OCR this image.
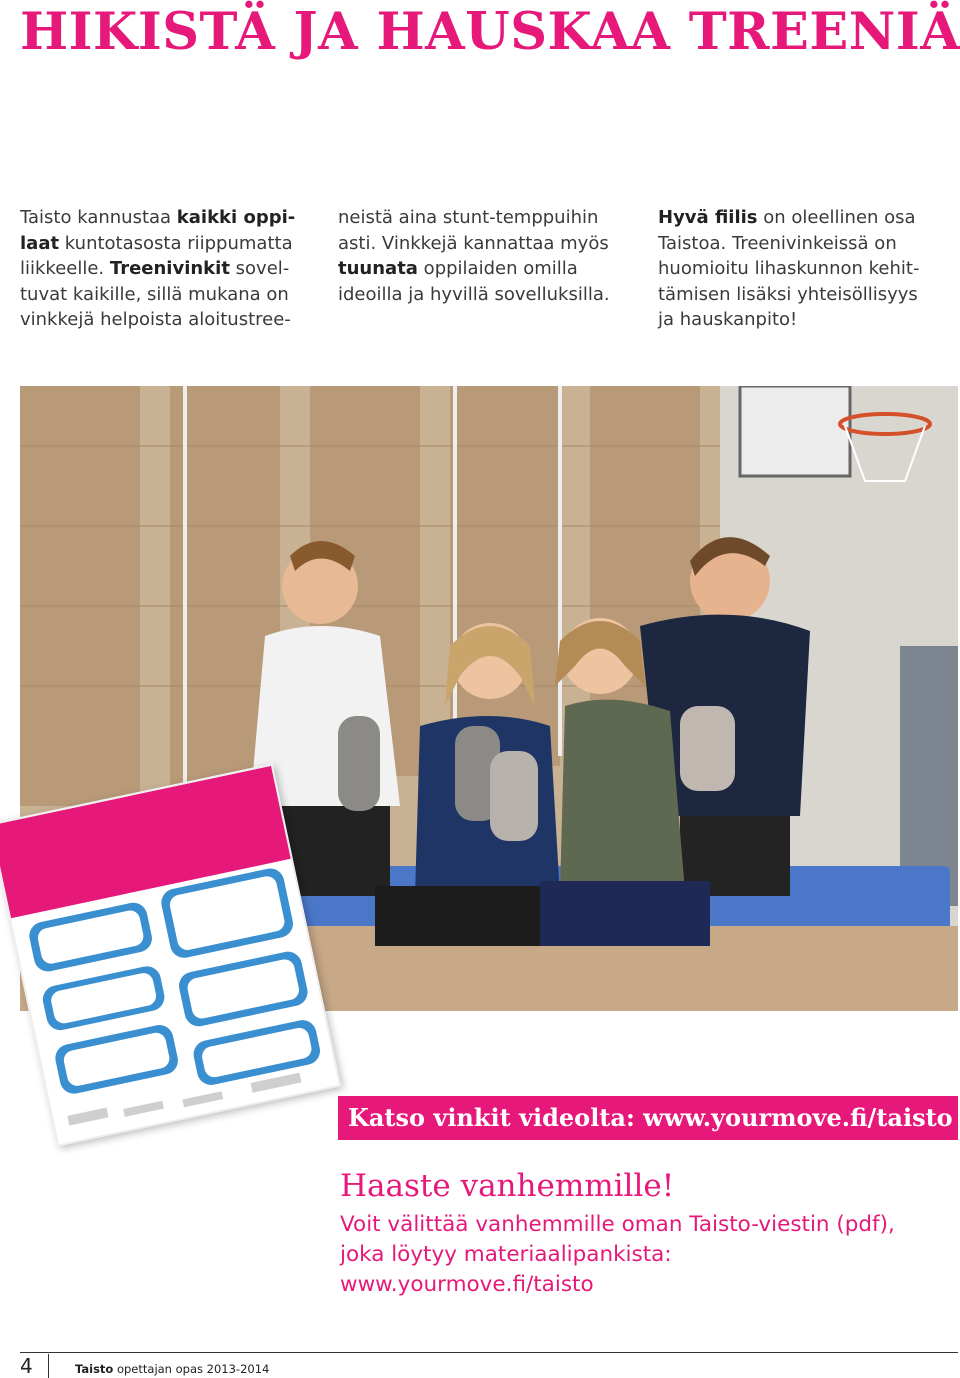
HIKISTÄ JA HAUSKAA TREENIÄ
Taisto kannustaa kaikki oppi-
laat kuntotasosta riippumatta
liikkeelle. Treenivinkit sovel-
tuvat kaikille, sillä mukana on
vinkkejä helpoista aloitustree-
neistä aina stunt-temppuihin
asti. Vinkkejä kannattaa myös
tuunata oppilaiden omilla
ideoilla ja hyvillä sovelluksilla.
Hyvä fiilis on oleellinen osa
Taistoa. Treenivinkeissä on
huomioitu lihaskunnon kehit-
tämisen lisäksi yhteisöllisyys
ja hauskanpito!
Katso vinkit videolta: www.yourmove.fi/taisto
Haaste vanhemmille!
Voit välittää vanhemmille oman Taisto-viestin (pdf),
joka löytyy materiaalipankista:
www.yourmove.fi/taisto
4	Taisto opettajan opas 2013-2014
